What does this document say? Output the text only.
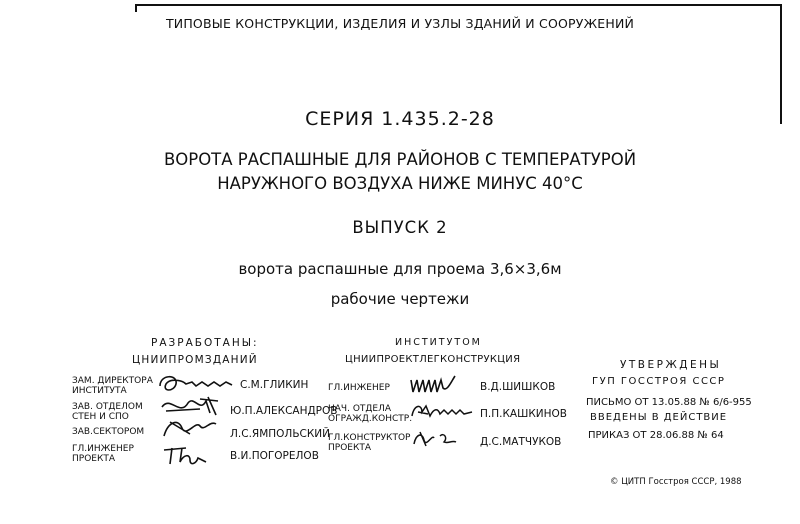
ТИПОВЫЕ КОНСТРУКЦИИ, ИЗДЕЛИЯ И УЗЛЫ ЗДАНИЙ И СООРУЖЕНИЙ
СЕРИЯ 1.435.2-28
ВОРОТА РАСПАШНЫЕ ДЛЯ РАЙОНОВ С ТЕМПЕРАТУРОЙ
НАРУЖНОГО ВОЗДУХА НИЖЕ МИНУС 40°С
ВЫПУСК 2
ворота распашные для проема 3,6×3,6м
рабочие чертежи
РАЗРАБОТАНЫ:
ЦНИИПРОМЗДАНИЙ
ЗАМ. ДИРЕКТОРА
ИНСТИТУТА	С.М.ГЛИКИН
ЗАВ. ОТДЕЛОМ
СТЕН И СПО	Ю.П.АЛЕКСАНДРОВ
ЗАВ.СЕКТОРОМ	Л.С.ЯМПОЛЬСКИЙ
ГЛ.ИНЖЕНЕР
ПРОЕКТА	В.И.ПОГОРЕЛОВ
ИНСТИТУТОМ
ЦНИИПРОЕКТЛЕГКОНСТРУКЦИЯ
ГЛ.ИНЖЕНЕР	В.Д.ШИШКОВ
НАЧ. ОТДЕЛА
ОГРАЖД.КОНСТР.	П.П.КАШКИНОВ
ГЛ.КОНСТРУКТОР
ПРОЕКТА	Д.С.МАТЧУКОВ
УТВЕРЖДЕНЫ
ГУП ГОССТРОЯ СССР
ПИСЬМО ОТ 13.05.88 № 6/6-955
ВВЕДЕНЫ В ДЕЙСТВИЕ
ПРИКАЗ ОТ 28.06.88 № 64
© ЦИТП Госстроя СССР, 1988
